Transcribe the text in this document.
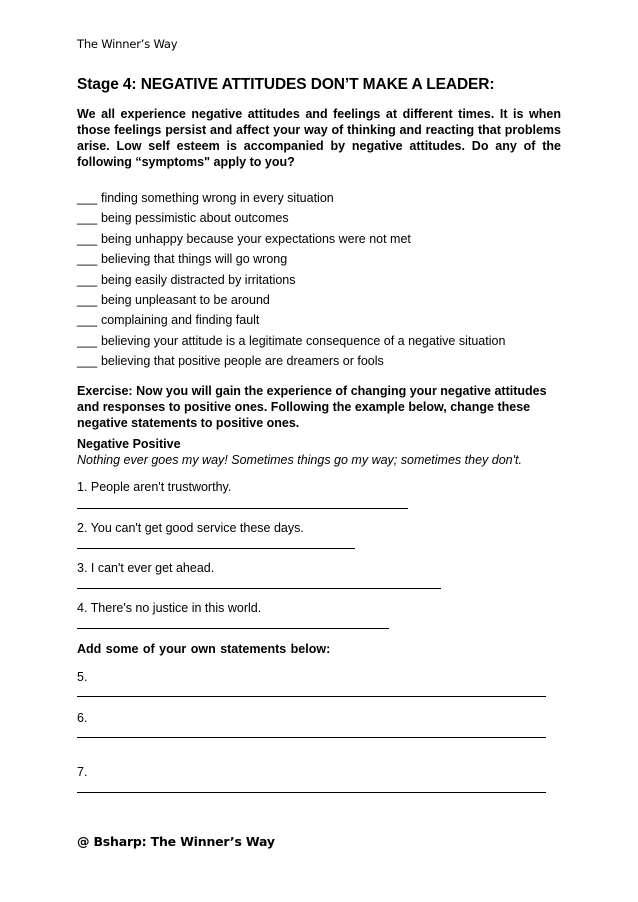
The Winner’s Way
Stage 4: NEGATIVE ATTITUDES DON’T MAKE A LEADER:
We all experience negative attitudes and feelings at different times. It is when those feelings persist and affect your way of thinking and reacting that problems arise. Low self esteem is accompanied by negative attitudes. Do any of the following “symptoms" apply to you?
___ finding something wrong in every situation
___ being pessimistic about outcomes
___ being unhappy because your expectations were not met
___ believing that things will go wrong
___ being easily distracted by irritations
___ being unpleasant to be around
___ complaining and finding fault
___ believing your attitude is a legitimate consequence of a negative situation
___ believing that positive people are dreamers or fools
Exercise: Now you will gain the experience of changing your negative attitudes and responses to positive ones. Following the example below, change these negative statements to positive ones.
Negative Positive
Nothing ever goes my way! Sometimes things go my way; sometimes they don't.
1. People aren't trustworthy.
2. You can't get good service these days.
3. I can't ever get ahead.
4. There's no justice in this world.
Add some of your own statements below:
5.
6.
7.
@ Bsharp: The Winner’s Way
